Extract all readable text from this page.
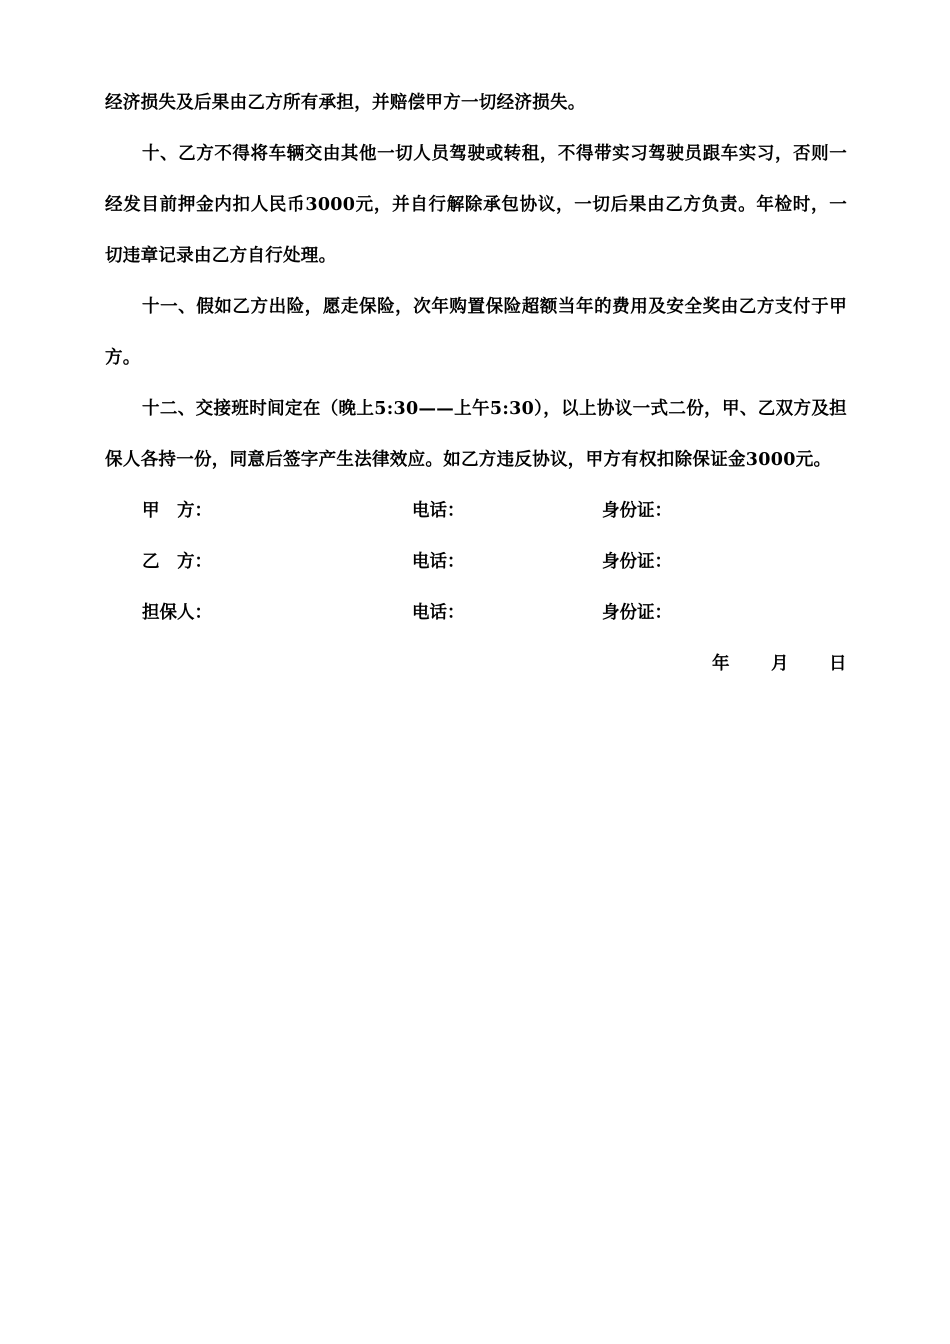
经济损失及后果由乙方所有承担，并赔偿甲方一切经济损失。

十、乙方不得将车辆交由其他一切人员驾驶或转租，不得带实习驾驶员跟车实习，否则一经发目前押金内扣人民币3000元，并自行解除承包协议，一切后果由乙方负责。年检时，一切违章记录由乙方自行处理。

十一、假如乙方出险，愿走保险，次年购置保险超额当年的费用及安全奖由乙方支付于甲方。

十二、交接班时间定在（晚上5:30——上午5:30），以上协议一式二份，甲、乙双方及担保人各持一份，同意后签字产生法律效应。如乙方违反协议，甲方有权扣除保证金3000元。

甲　方：	电话：	身份证：
乙　方：	电话：	身份证：
担保人：	电话：	身份证：
年 月 日
